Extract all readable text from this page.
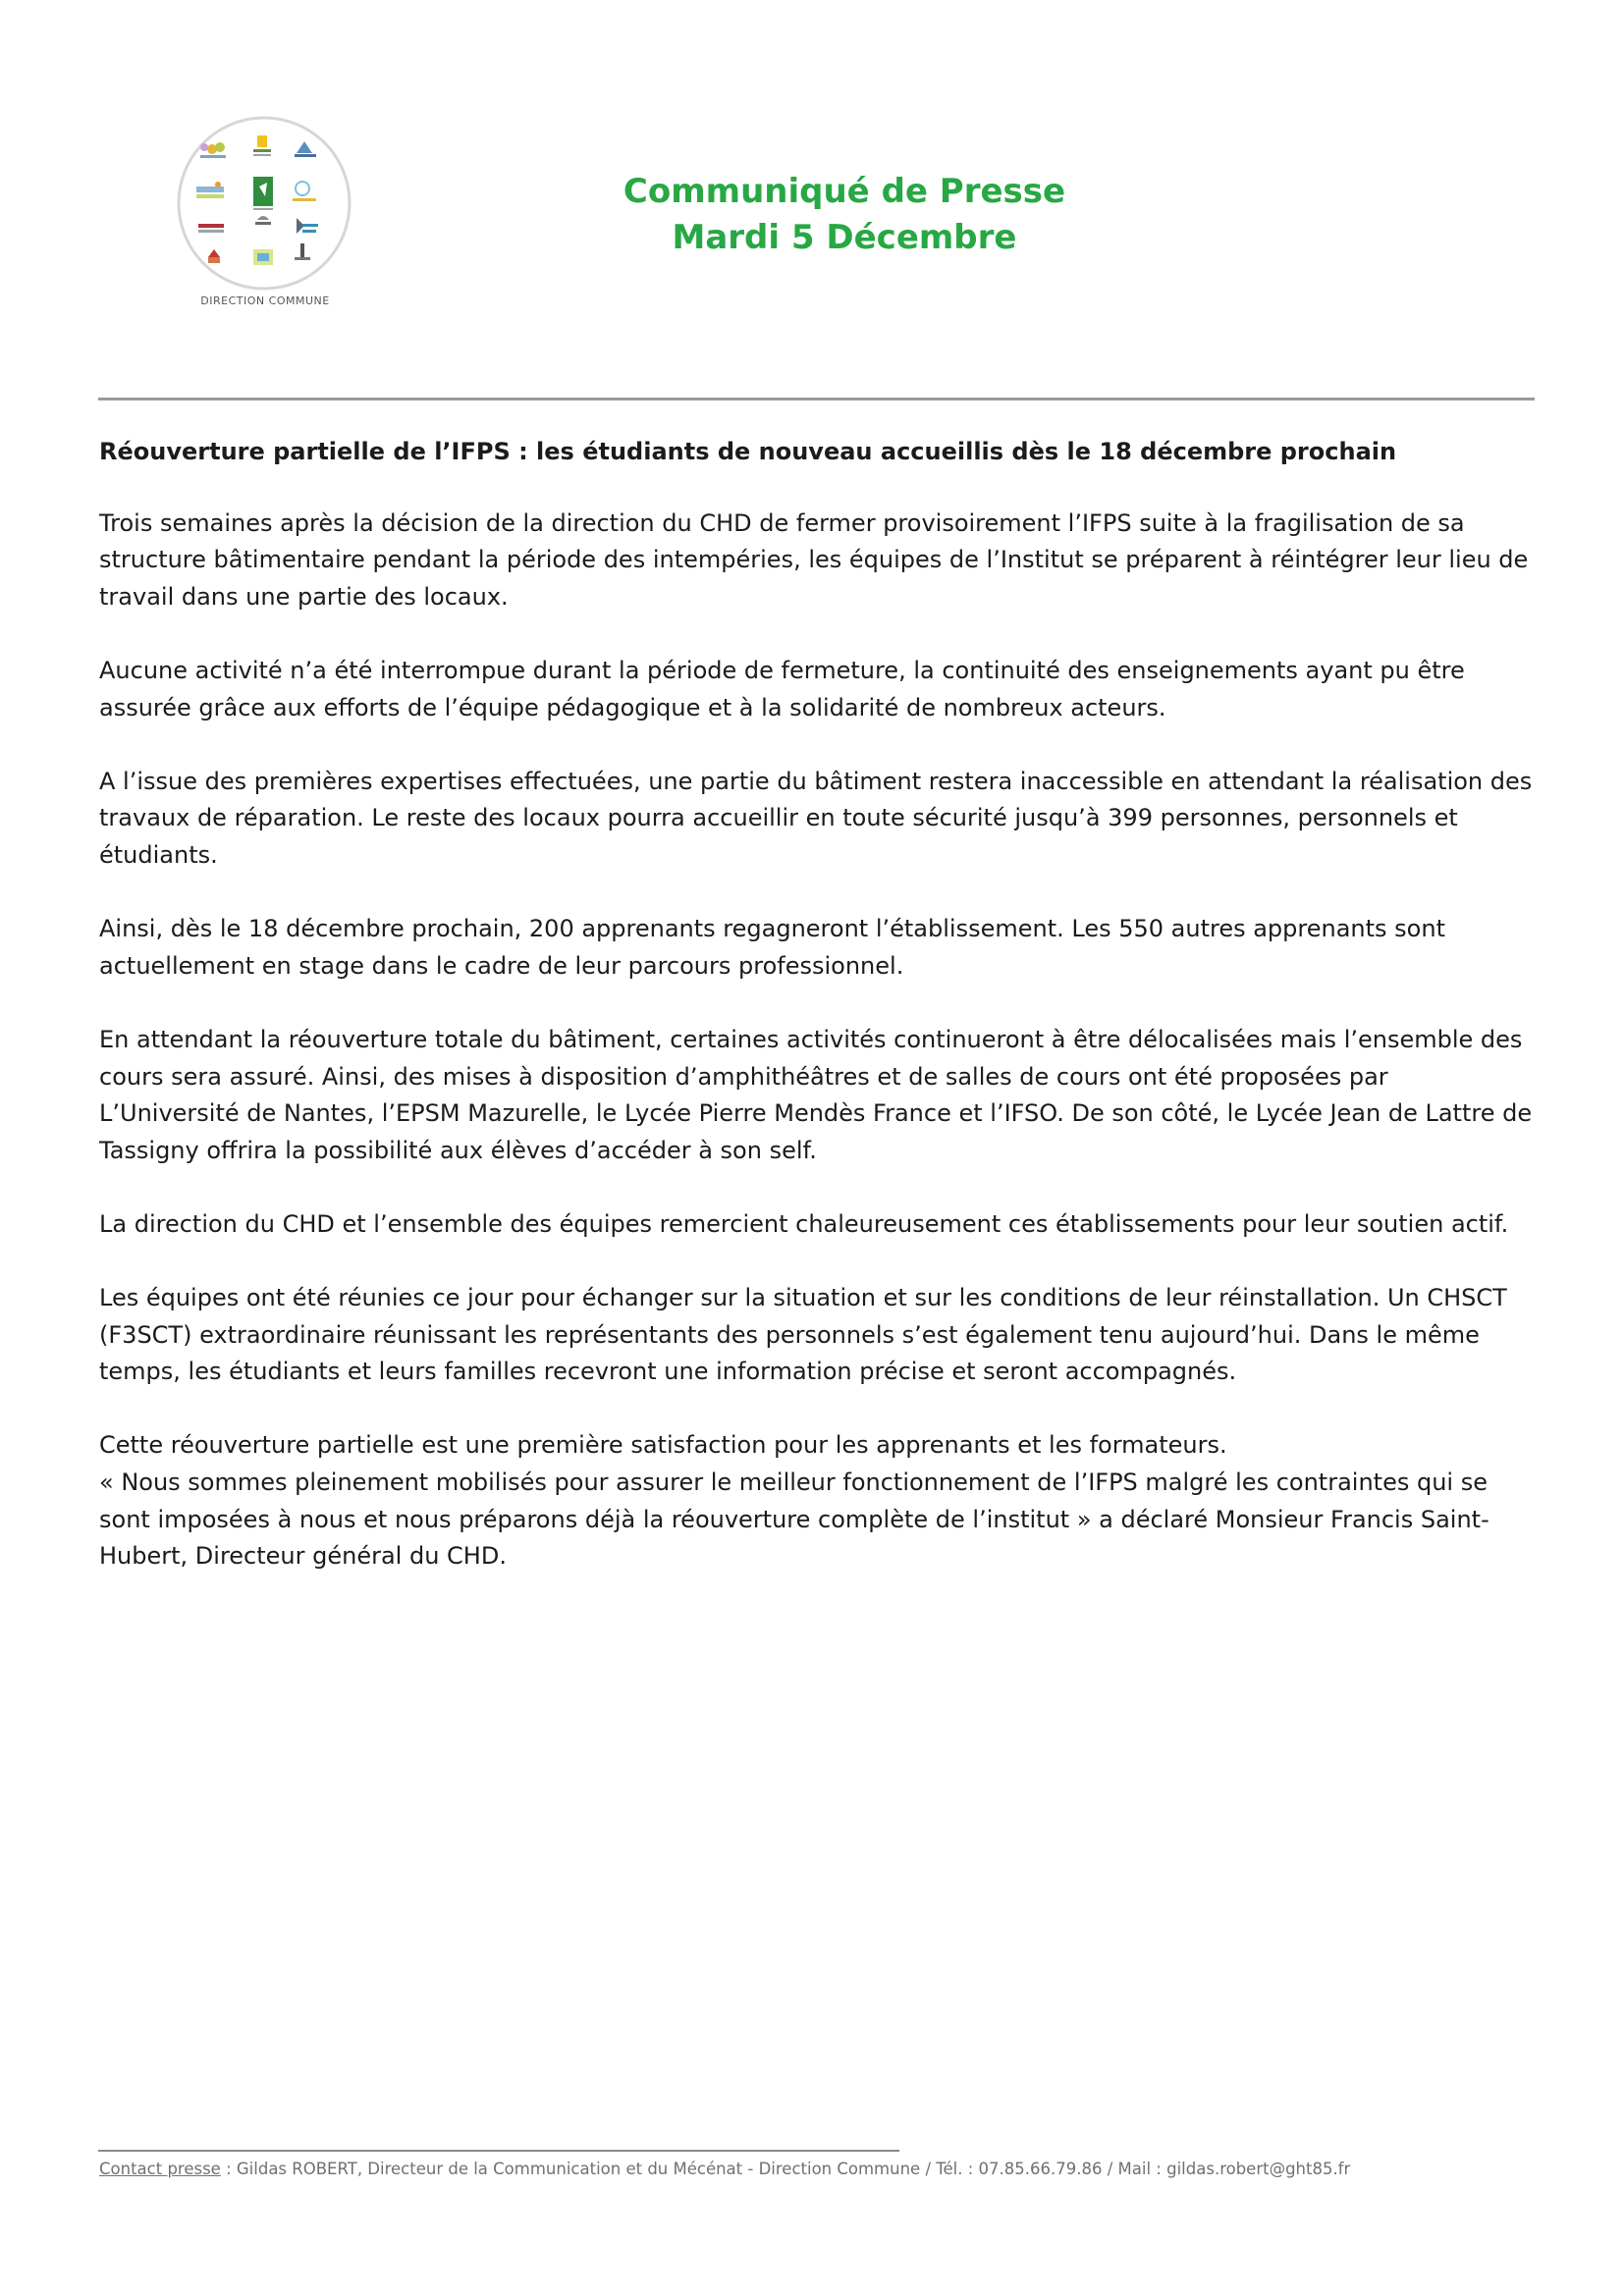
DIRECTION COMMUNE
Communiqué de Presse
Mardi 5 Décembre
Réouverture partielle de l’IFPS : les étudiants de nouveau accueillis dès le 18 décembre prochain

Trois semaines après la décision de la direction du CHD de fermer provisoirement l’IFPS suite à la fragilisation de sa structure bâtimentaire pendant la période des intempéries, les équipes de l’Institut se préparent à réintégrer leur lieu de travail dans une partie des locaux.

Aucune activité n’a été interrompue durant la période de fermeture, la continuité des enseignements ayant pu être assurée grâce aux efforts de l’équipe pédagogique et à la solidarité de nombreux acteurs.

A l’issue des premières expertises effectuées, une partie du bâtiment restera inaccessible en attendant la réalisation des travaux de réparation. Le reste des locaux pourra accueillir en toute sécurité jusqu’à 399 personnes, personnels et étudiants.

Ainsi, dès le 18 décembre prochain, 200 apprenants regagneront l’établissement. Les 550 autres apprenants sont actuellement en stage dans le cadre de leur parcours professionnel.

En attendant la réouverture totale du bâtiment, certaines activités continueront à être délocalisées mais l’ensemble des cours sera assuré. Ainsi, des mises à disposition d’amphithéâtres et de salles de cours ont été proposées par L’Université de Nantes, l’EPSM Mazurelle, le Lycée Pierre Mendès France et l’IFSO. De son côté, le Lycée Jean de Lattre de Tassigny offrira la possibilité aux élèves d’accéder à son self.

La direction du CHD et l’ensemble des équipes remercient chaleureusement ces établissements pour leur soutien actif.

Les équipes ont été réunies ce jour pour échanger sur la situation et sur les conditions de leur réinstallation. Un CHSCT (F3SCT) extraordinaire réunissant les représentants des personnels s’est également tenu aujourd’hui. Dans le même temps, les étudiants et leurs familles recevront une information précise et seront accompagnés.

Cette réouverture partielle est une première satisfaction pour les apprenants et les formateurs.

« Nous sommes pleinement mobilisés pour assurer le meilleur fonctionnement de l’IFPS malgré les contraintes qui se sont imposées à nous et nous préparons déjà la réouverture complète de l’institut » a déclaré Monsieur Francis Saint-Hubert, Directeur général du CHD.

Contact presse : Gildas ROBERT, Directeur de la Communication et du Mécénat - Direction Commune / Tél. : 07.85.66.79.86 / Mail : gildas.robert@ght85.fr
